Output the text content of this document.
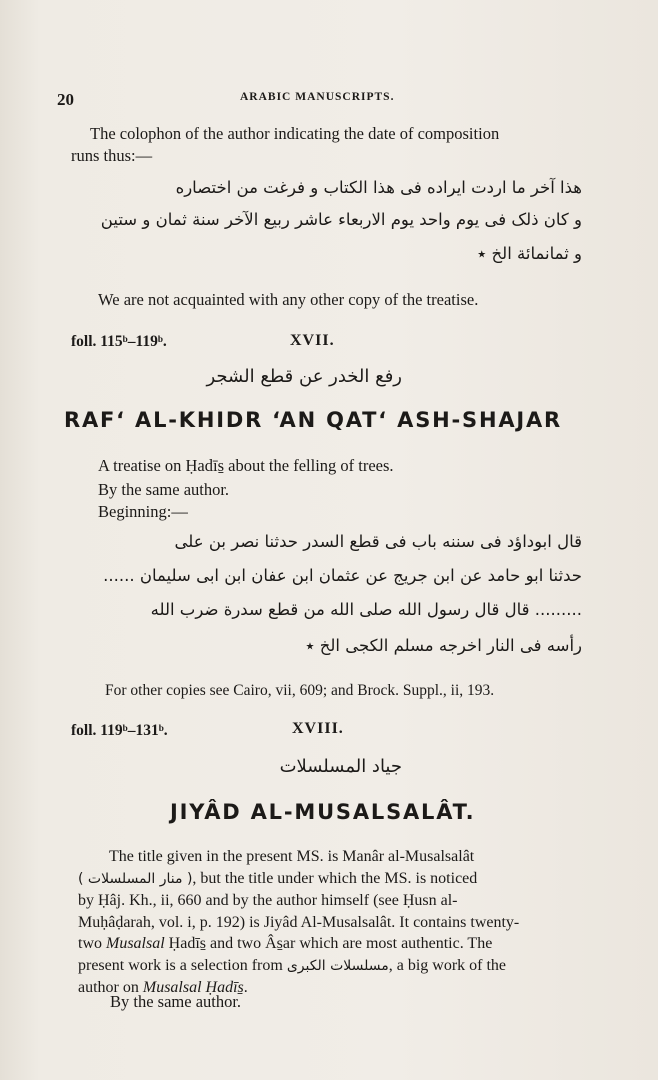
20	ARABIC MANUSCRIPTS.
The colophon of the author indicating the date of composition
runs thus:—
هذا آخر ما اردت ایراده فی هذا الکتاب و فرغت من اختصاره
و کان ذلک فی یوم واحد یوم الاربعاء عاشر ربیع الآخر سنة ثمان و ستین
و ثمانمائة الخ ٭
We are not acquainted with any other copy of the treatise.
foll. 115ᵇ–119ᵇ.	XVII.
رفع الخدر عن قطع الشجر
RAF‘ AL-KHIDR ‘AN QAT‘ ASH-SHAJAR
A treatise on Ḥadīs̱ about the felling of trees.
By the same author.
Beginning:—
قال ابوداؤد فی سننه باب فی قطع السدر حدثنا نصر بن علی
حدثنا ابو حامد عن ابن جریج عن عثمان ابن عفان ابن ابی سلیمان ......
......... قال قال رسول الله صلی الله من قطع سدرة ضرب الله
رأسه فی النار اخرجه مسلم الکجی الخ ٭
For other copies see Cairo, vii, 609; and Brock. Suppl., ii, 193.
foll. 119ᵇ–131ᵇ.	XVIII.
جیاد المسلسلات
JIYÂD AL-MUSALSALÂT.
The title given in the present MS. is Manâr al-Musalsalât
( منار المسلسلات ), but the title under which the MS. is noticed
by Ḥâj. Kh., ii, 660 and by the author himself (see Ḥusn al-
Muḥâḍarah, vol. i, p. 192) is Jiyâd Al-Musalsalât. It contains twenty-
two Musalsal Ḥadīs̱ and two Âs̱ar which are most authentic. The
present work is a selection from مسلسلات الکبری, a big work of the
author on Musalsal Ḥadīs̱.
By the same author.
